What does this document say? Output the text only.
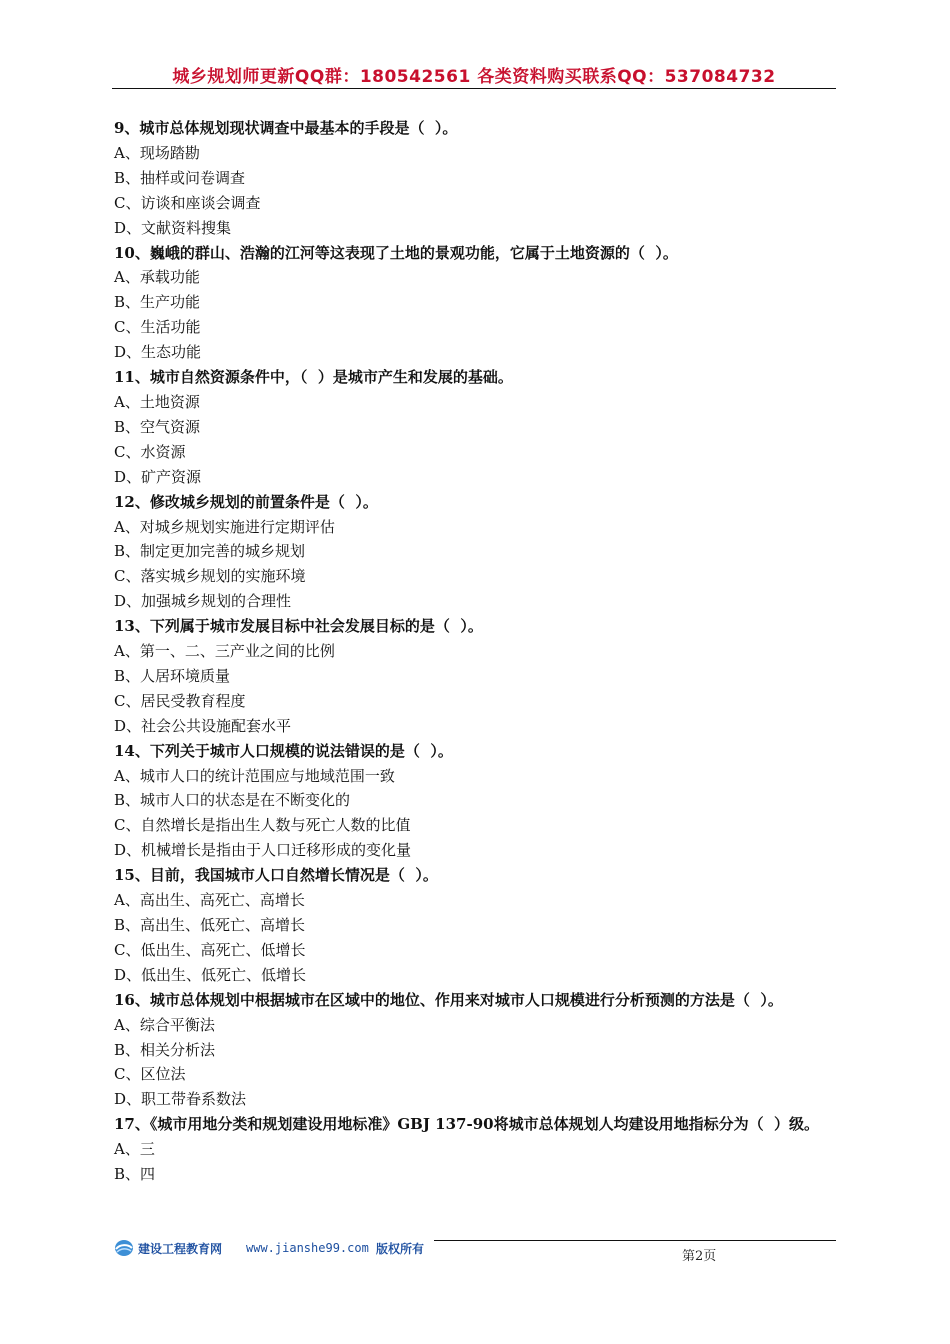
城乡规划师更新QQ群：180542561 各类资料购买联系QQ：537084732
9、城市总体规划现状调查中最基本的手段是（  ）。
A、现场踏勘
B、抽样或问卷调查
C、访谈和座谈会调查
D、文献资料搜集
10、巍峨的群山、浩瀚的江河等这表现了土地的景观功能，它属于土地资源的（  ）。
A、承载功能
B、生产功能
C、生活功能
D、生态功能
11、城市自然资源条件中，（  ）是城市产生和发展的基础。
A、土地资源
B、空气资源
C、水资源
D、矿产资源
12、修改城乡规划的前置条件是（  ）。
A、对城乡规划实施进行定期评估
B、制定更加完善的城乡规划
C、落实城乡规划的实施环境
D、加强城乡规划的合理性
13、下列属于城市发展目标中社会发展目标的是（  ）。
A、第一、二、三产业之间的比例
B、人居环境质量
C、居民受教育程度
D、社会公共设施配套水平
14、下列关于城市人口规模的说法错误的是（  ）。
A、城市人口的统计范围应与地域范围一致
B、城市人口的状态是在不断变化的
C、自然增长是指出生人数与死亡人数的比值
D、机械增长是指由于人口迁移形成的变化量
15、目前，我国城市人口自然增长情况是（  ）。
A、高出生、高死亡、高增长
B、高出生、低死亡、高增长
C、低出生、高死亡、低增长
D、低出生、低死亡、低增长
16、城市总体规划中根据城市在区域中的地位、作用来对城市人口规模进行分析预测的方法是（  ）。
A、综合平衡法
B、相关分析法
C、区位法
D、职工带眷系数法
17、《城市用地分类和规划建设用地标准》GBJ 137-90将城市总体规划人均建设用地指标分为（  ）级。
A、三
B、四
建设工程教育网 www.jianshe99.com 版权所有	第2页
